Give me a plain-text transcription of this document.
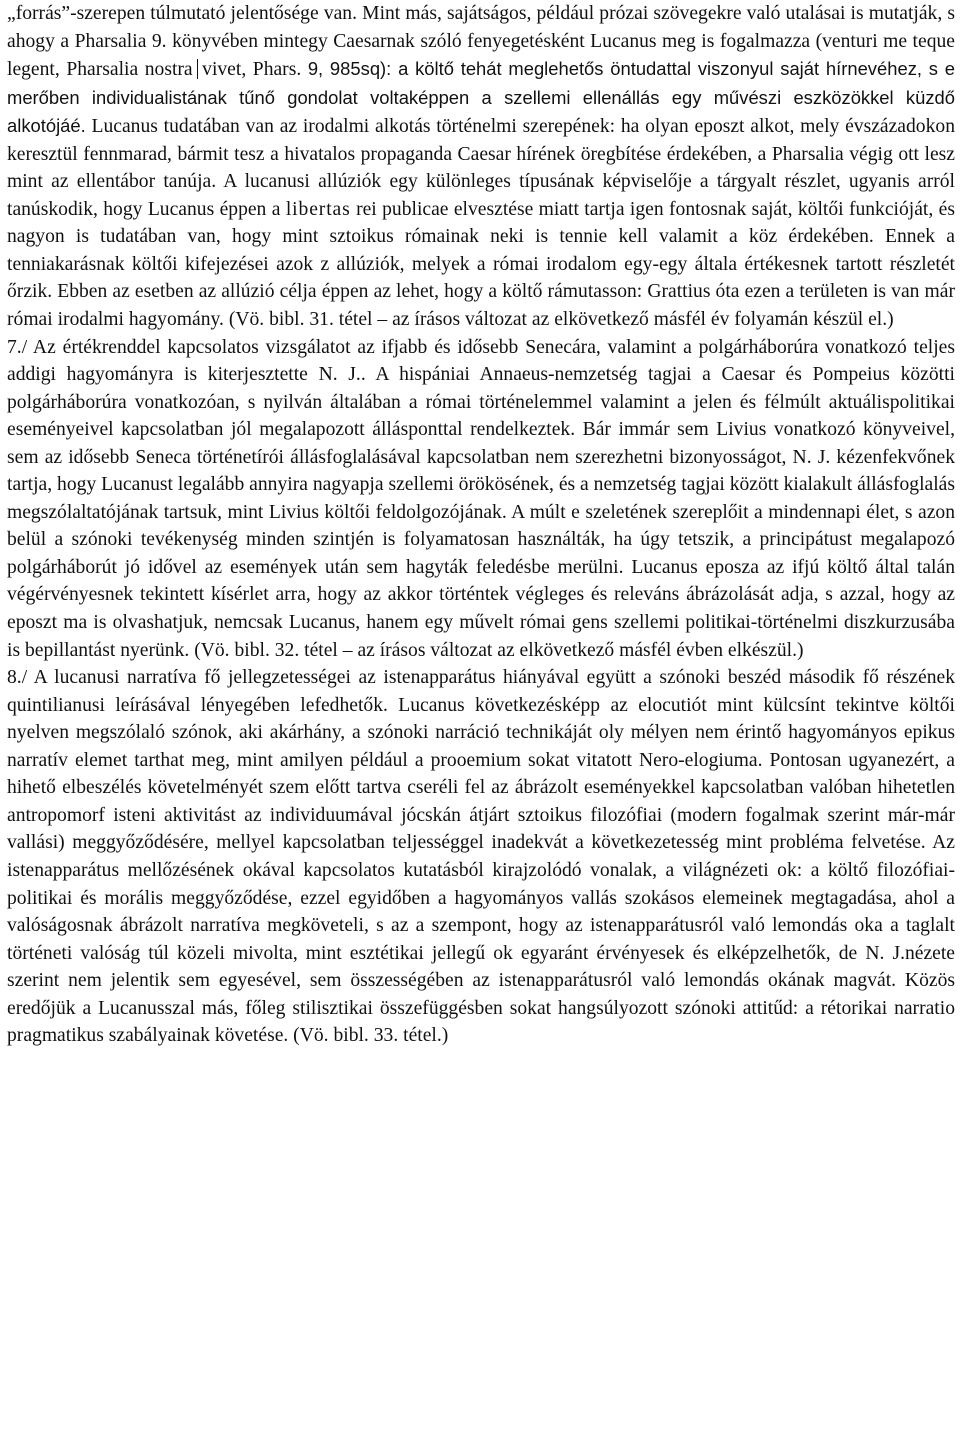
„forrás”-szerepen túlmutató jelentősége van. Mint más, sajátságos, például prózai szövegekre való utalásai is mutatják, s ahogy a Pharsalia 9. könyvében mintegy Caesarnak szóló fenyegetésként Lucanus meg is fogalmazza (venturi me teque legent, Pharsalia nostra vivet, Phars. 9, 985sq): a költő tehát meglehetős öntudattal viszonyul saját hírnevéhez, s e merőben individualistának tűnő gondolat voltaképpen a szellemi ellenállás egy művészi eszközökkel küzdő alkotójáé. Lucanus tudatában van az irodalmi alkotás történelmi szerepének: ha olyan eposzt alkot, mely évszázadokon keresztül fennmarad, bármit tesz a hivatalos propaganda Caesar hírének öregbítése érdekében, a Pharsalia végig ott lesz mint az ellentábor tanúja. A lucanusi allúziók egy különleges típusának képviselője a tárgyalt részlet, ugyanis arról tanúskodik, hogy Lucanus éppen a libertas rei publicae elvesztése miatt tartja igen fontosnak saját, költői funkcióját, és nagyon is tudatában van, hogy mint sztoikus rómainak neki is tennie kell valamit a köz érdekében. Ennek a tenniakarásnak költői kifejezései azok z allúziók, melyek a római irodalom egy-egy általa értékesnek tartott részletét őrzik. Ebben az esetben az allúzió célja éppen az lehet, hogy a költő rámutasson: Grattius óta ezen a területen is van már római irodalmi hagyomány. (Vö. bibl. 31. tétel – az írásos változat az elkövetkező másfél év folyamán készül el.)

7./ Az értékrenddel kapcsolatos vizsgálatot az ifjabb és idősebb Senecára, valamint a polgárháborúra vonatkozó teljes addigi hagyományra is kiterjesztette N. J.. A hispániai Annaeus-nemzetség tagjai a Caesar és Pompeius közötti polgárháborúra vonatkozóan, s nyilván általában a római történelemmel valamint a jelen és félmúlt aktuálispolitikai eseményeivel kapcsolatban jól megalapozott állásponttal rendelkeztek. Bár immár sem Livius vonatkozó könyveivel, sem az idősebb Seneca történetírói állásfoglalásával kapcsolatban nem szerezhetni bizonyosságot, N. J. kézenfekvőnek tartja, hogy Lucanust legalább annyira nagyapja szellemi örökösének, és a nemzetség tagjai között kialakult állásfoglalás megszólaltatójának tartsuk, mint Livius költői feldolgozójának. A múlt e szeletének szereplőit a mindennapi élet, s azon belül a szónoki tevékenység minden szintjén is folyamatosan használták, ha úgy tetszik, a principátust megalapozó polgárháborút jó idővel az események után sem hagyták feledésbe merülni. Lucanus eposza az ifjú költő által talán végérvényesnek tekintett kísérlet arra, hogy az akkor történtek végleges és releváns ábrázolását adja, s azzal, hogy az eposzt ma is olvashatjuk, nemcsak Lucanus, hanem egy művelt római gens szellemi politikai-történelmi diszkurzusába is bepillantást nyerünk. (Vö. bibl. 32. tétel – az írásos változat az elkövetkező másfél évben elkészül.)

8./ A lucanusi narratíva fő jellegzetességei az istenapparátus hiányával együtt a szónoki beszéd második fő részének quintilianusi leírásával lényegében lefedhetők. Lucanus következésképp az elocutiót mint külcsínt tekintve költői nyelven megszólaló szónok, aki akárhány, a szónoki narráció technikáját oly mélyen nem érintő hagyományos epikus narratív elemet tarthat meg, mint amilyen például a prooemium sokat vitatott Nero-elogiuma. Pontosan ugyanezért, a hihető elbeszélés követelményét szem előtt tartva cseréli fel az ábrázolt eseményekkel kapcsolatban valóban hihetetlen antropomorf isteni aktivitást az individuumával jócskán átjárt sztoikus filozófiai (modern fogalmak szerint már-már vallási) meggyőződésére, mellyel kapcsolatban teljességgel inadekvát a következetesség mint probléma felvetése. Az istenapparátus mellőzésének okával kapcsolatos kutatásból kirajzolódó vonalak, a világnézeti ok: a költő filozófiai-politikai és morális meggyőződése, ezzel egyidőben a hagyományos vallás szokásos elemeinek megtagadása, ahol a valóságosnak ábrázolt narratíva megköveteli, s az a szempont, hogy az istenapparátusról való lemondás oka a taglalt történeti valóság túl közeli mivolta, mint esztétikai jellegű ok egyaránt érvényesek és elképzelhetők, de N. J.nézete szerint nem jelentik sem egyesével, sem összességében az istenapparátusról való lemondás okának magvát. Közös eredőjük a Lucanusszal más, főleg stilisztikai összefüggésben sokat hangsúlyozott szónoki attitűd: a rétorikai narratio pragmatikus szabályainak követése. (Vö. bibl. 33. tétel.)
